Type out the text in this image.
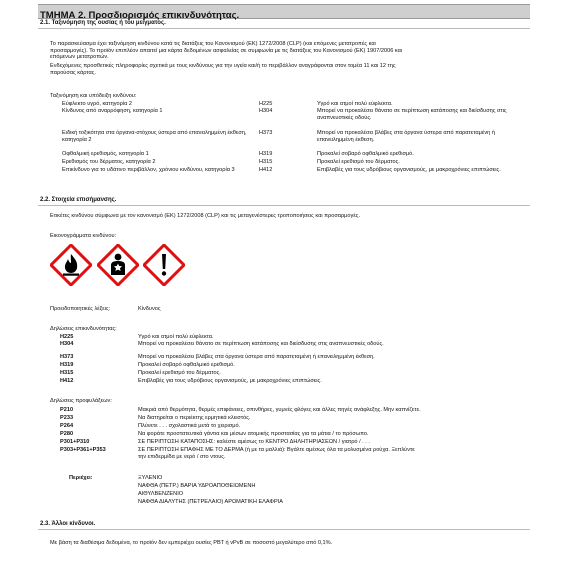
ΤΜΗΜΑ 2. Προσδιορισμός επικινδυνότητας.
2.1. Ταξινόμηση της ουσίας ή του μείγματος.
Το παρασκεύασμα έχει ταξινόμηση κινδύνου κατά τις διατάξεις του Κανονισμού (ΕΚ) 1272/2008 (CLP) (και επόμενες μετατροπές και
προσαρμογές). Το προϊόν επιπλέον απαιτεί μια κάρτα δεδομένων ασφαλείας σε συμφωνία με τις διατάξεις του Κανονισμού (ΕΚ) 1907/2006 και
επόμενων μετατροπών.
Ενδεχόμενες προσθετικές πληροφορίες σχετικά με τους κινδύνους για την υγεία και/ή το περιβάλλον αναγράφονται στον τομέα 11 και 12 της
παρούσας κάρτας.
Ταξινόμηση και υπόδειξη κινδύνου:
Εύφλεκτο υγρό, κατηγορία 2	H225	Υγρό και ατμοί πολύ εύφλεκτα.
Κίνδυνος από αναρρόφηση, κατηγορία 1	H304	Μπορεί να προκαλέσει θάνατο σε περίπτωση κατάποσης και διείσδυσης στις αναπνευστικές οδούς.
Ειδική τοξικότητα στα όργανα-στόχους ύστερα από επανειλημμένη έκθεση, κατηγορία 2
H373	Μπορεί να προκαλέσει βλάβες στα όργανα ύστερα από παρατεταμένη ή επανειλημμένη έκθεση.
Οφθαλμική ερεθισμός, κατηγορία 1	H319	Προκαλεί σοβαρό οφθαλμικό ερεθισμό.
Ερεθισμός του δέρματος, κατηγορία 2	H315	Προκαλεί ερεθισμό του δέρματος.
Επικίνδυνο για το υδάτινο περιβάλλον, χρόνιου κινδύνου, κατηγορία 3	H412	Επιβλαβές για τους υδρόβιους οργανισμούς, με μακροχρόνιες επιπτώσεις.
2.2. Στοιχεία επισήμανσης.
Ετικέτες κινδύνου σύμφωνα με τον κανονισμό (ΕΚ) 1272/2008 (CLP) και τις μεταγενέστερες τροποποιήσεις και προσαρμογές.
Εικονογράμματα κινδύνου:
Προειδοποιητικές λέξεις:	Κίνδυνος
Δηλώσεις επικινδυνότητας:
H225	Υγρό και ατμοί πολύ εύφλεκτα.
H304	Μπορεί να προκαλέσει θάνατο σε περίπτωση κατάποσης και διείσδυσης στις αναπνευστικές οδούς.
H373	Μπορεί να προκαλέσει βλάβες στα όργανα ύστερα από παρατεταμένη ή επανειλημμένη έκθεση.
H319	Προκαλεί σοβαρό οφθαλμικό ερεθισμό.
H315	Προκαλεί ερεθισμό του δέρματος.
H412	Επιβλαβές για τους υδρόβιους οργανισμούς, με μακροχρόνιες επιπτώσεις.
Δηλώσεις προφυλάξεων:
P210	Μακριά από θερμότητα, θερμές επιφάνειες, σπινθήρες, γυμνές φλόγες και άλλες πηγές ανάφλεξης. Μην καπνίζετε.
P233	Να διατηρείται ο περιέκτης ερμητικά κλειστός.
P264	Πλύνετε . . . σχολαστικά μετά το χειρισμό.
P280	Να φοράτε προστατευτικά γάντια και μέσων ατομικής προστασίας για τα μάτια / το πρόσωπο.
P301+P310	ΣΕ ΠΕΡΙΠΤΩΣΗ ΚΑΤΑΠΟΣΗΣ: καλέστε αμέσως το ΚΕΝΤΡΟ ΔΗΛΗΤΗΡΙΑΣΕΩΝ / γιατρό / . . .
P303+P361+P353	ΣΕ ΠΕΡΙΠΤΩΣΗ ΕΠΑΦΗΣ ΜΕ ΤΟ ΔΕΡΜΑ (ή με τα μαλλιά): Βγάλτε αμέσως όλα τα μολυσμένα ρούχα. Ξεπλύντε
την επιδερμίδα με νερό / στο ντους.
Περιέχει:	ΞΥΛΕΝΙΟ
ΝΑΦΘΑ (ΠΕΤΡ.) ΒΑΡΙΑ ΥΔΡΟΑΠΟΘΕΙΩΜΕΝΗ
ΑΙΘΥΛΒΕΝΖΕΝΙΟ
ΝΑΦΘΑ ΔΙΑΛΥΤΗΣ (ΠΕΤΡΕΛΑΙΟ) ΑΡΩΜΑΤΙΚΗ ΕΛΑΦΡΙΑ
2.3. Άλλοι κίνδυνοι.
Με βάση τα διαθέσιμα δεδομένα, το προϊόν δεν εμπεριέχει ουσίες PBT ή vPvB σε ποσοστό μεγαλύτερο από 0,1%.
